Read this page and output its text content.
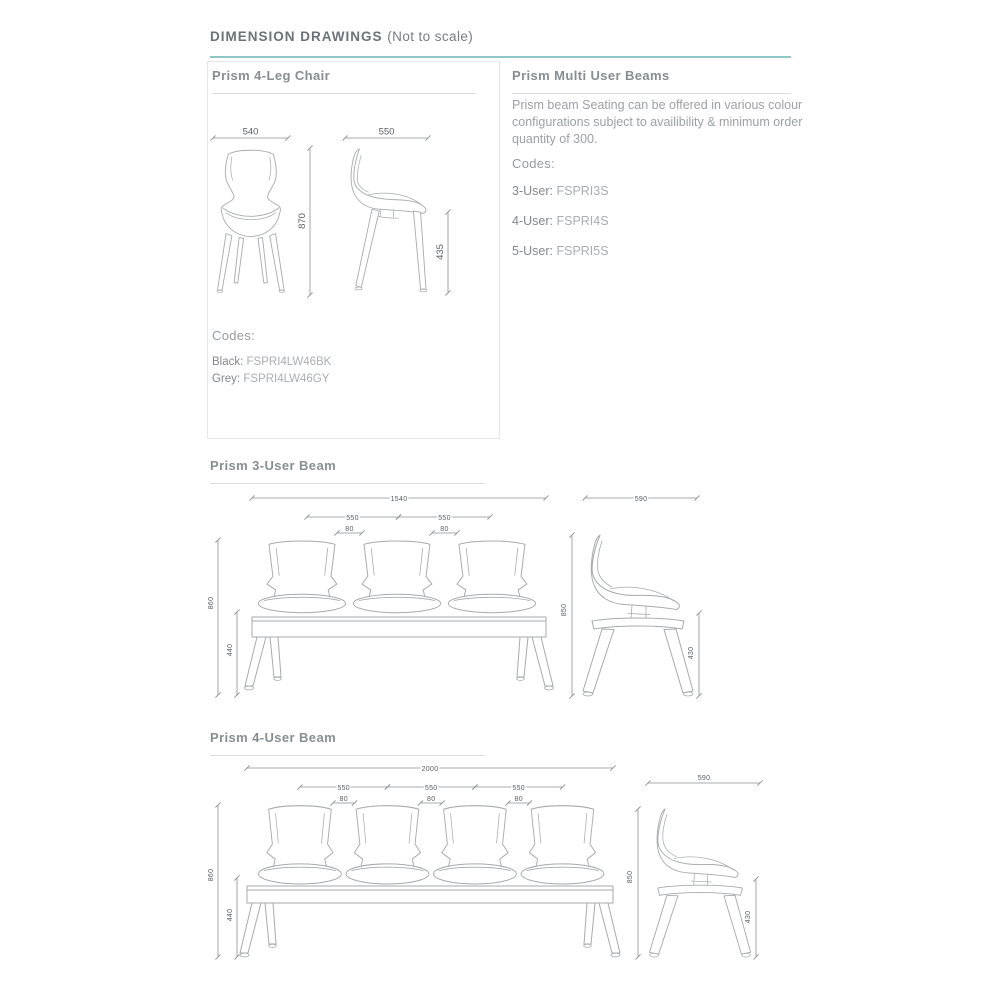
DIMENSION DRAWINGS (Not to scale)
Prism 4-Leg Chair
540
870
550
435
Codes:
Black: FSPRI4LW46BK
Grey: FSPRI4LW46GY
Prism Multi User Beams
Prism beam Seating can be offered in various colour configurations subject to availibility & minimum order quantity of 300.
Codes:
3-User: FSPRI3S
4-User: FSPRI4S
5-User: FSPRI5S
Prism 3-User Beam
1540
550	550
80	80
860
440
590
850
430
Prism 4-User Beam
2000
550	550	550
80	80	80
860
440
590
850
430
